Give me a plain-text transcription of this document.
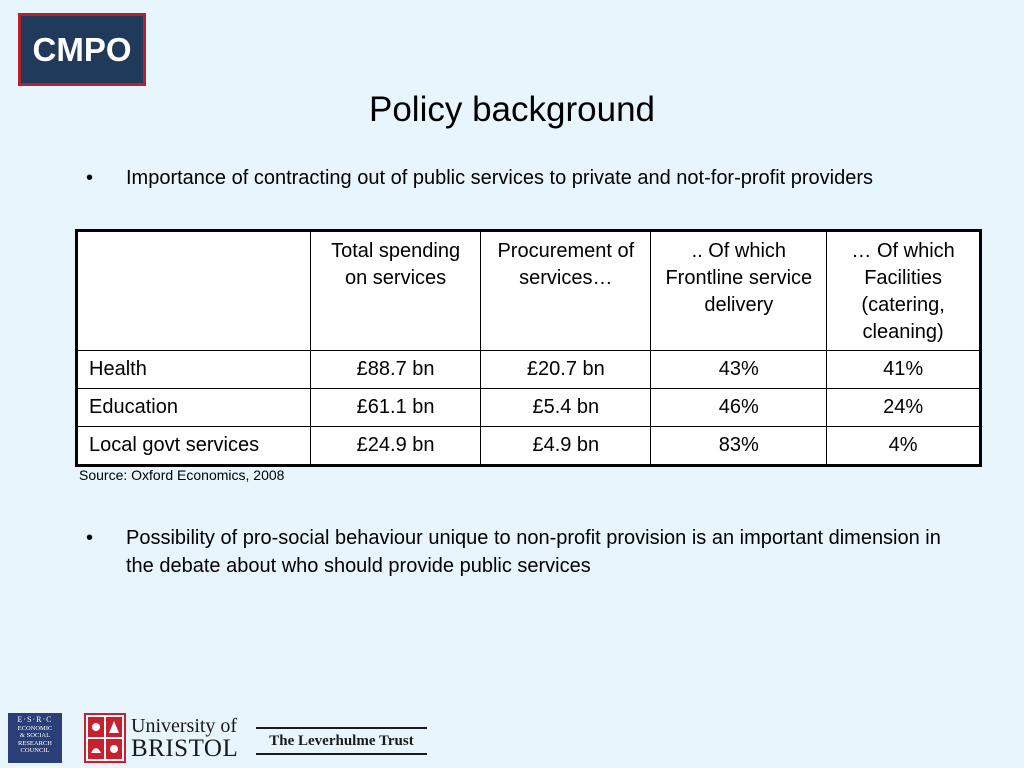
CMPO
Policy background
•	Importance of contracting out of public services to private and not-for-profit providers
	Total spending on services	Procurement of services…	.. Of which Frontline service delivery	… Of which Facilities (catering, cleaning)
Health	£88.7 bn	£20.7 bn	43%	41%
Education	£61.1 bn	£5.4 bn	46%	24%
Local govt services	£24.9 bn	£4.9 bn	83%	4%
Source: Oxford Economics, 2008
•	Possibility of pro-social behaviour unique to non-profit provision is an important dimension in the debate about who should provide public services
E·S·R·C
ECONOMIC
& SOCIAL
RESEARCH
COUNCIL
University of
BRISTOL	The Leverhulme Trust
